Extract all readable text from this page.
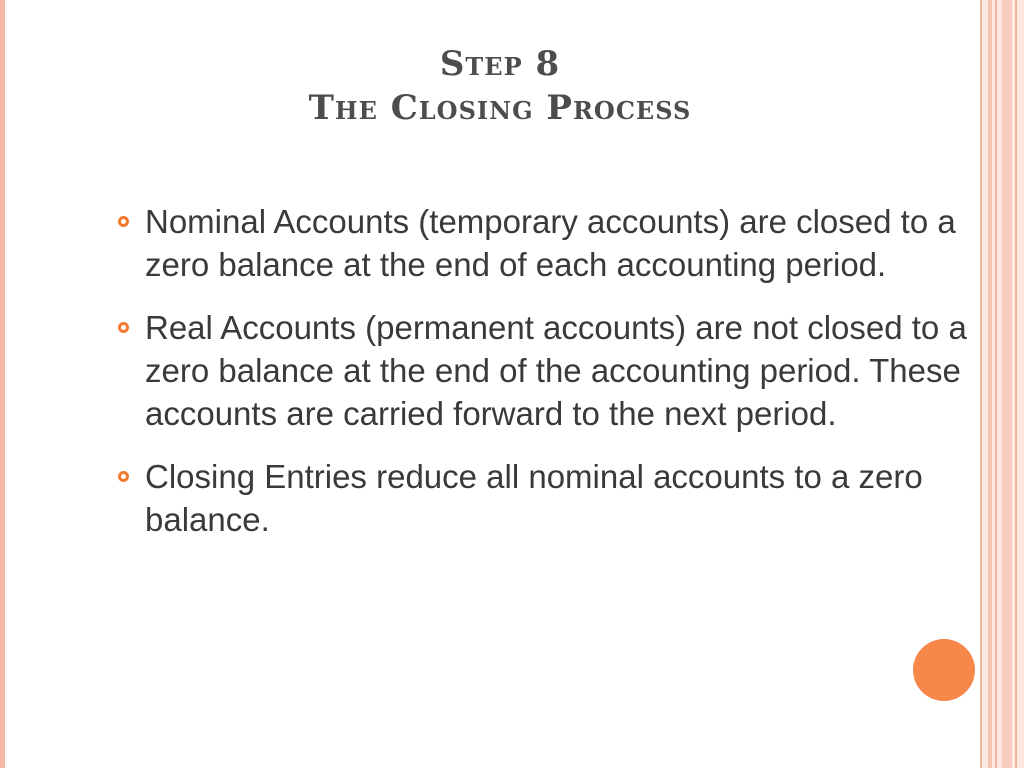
Step 8
The Closing Process
Nominal Accounts (temporary accounts) are closed to a zero balance at the end of each accounting period.
Real Accounts (permanent accounts) are not closed to a zero balance at the end of the accounting period. These accounts are carried forward to the next period.
Closing Entries reduce all nominal accounts to a zero balance.
